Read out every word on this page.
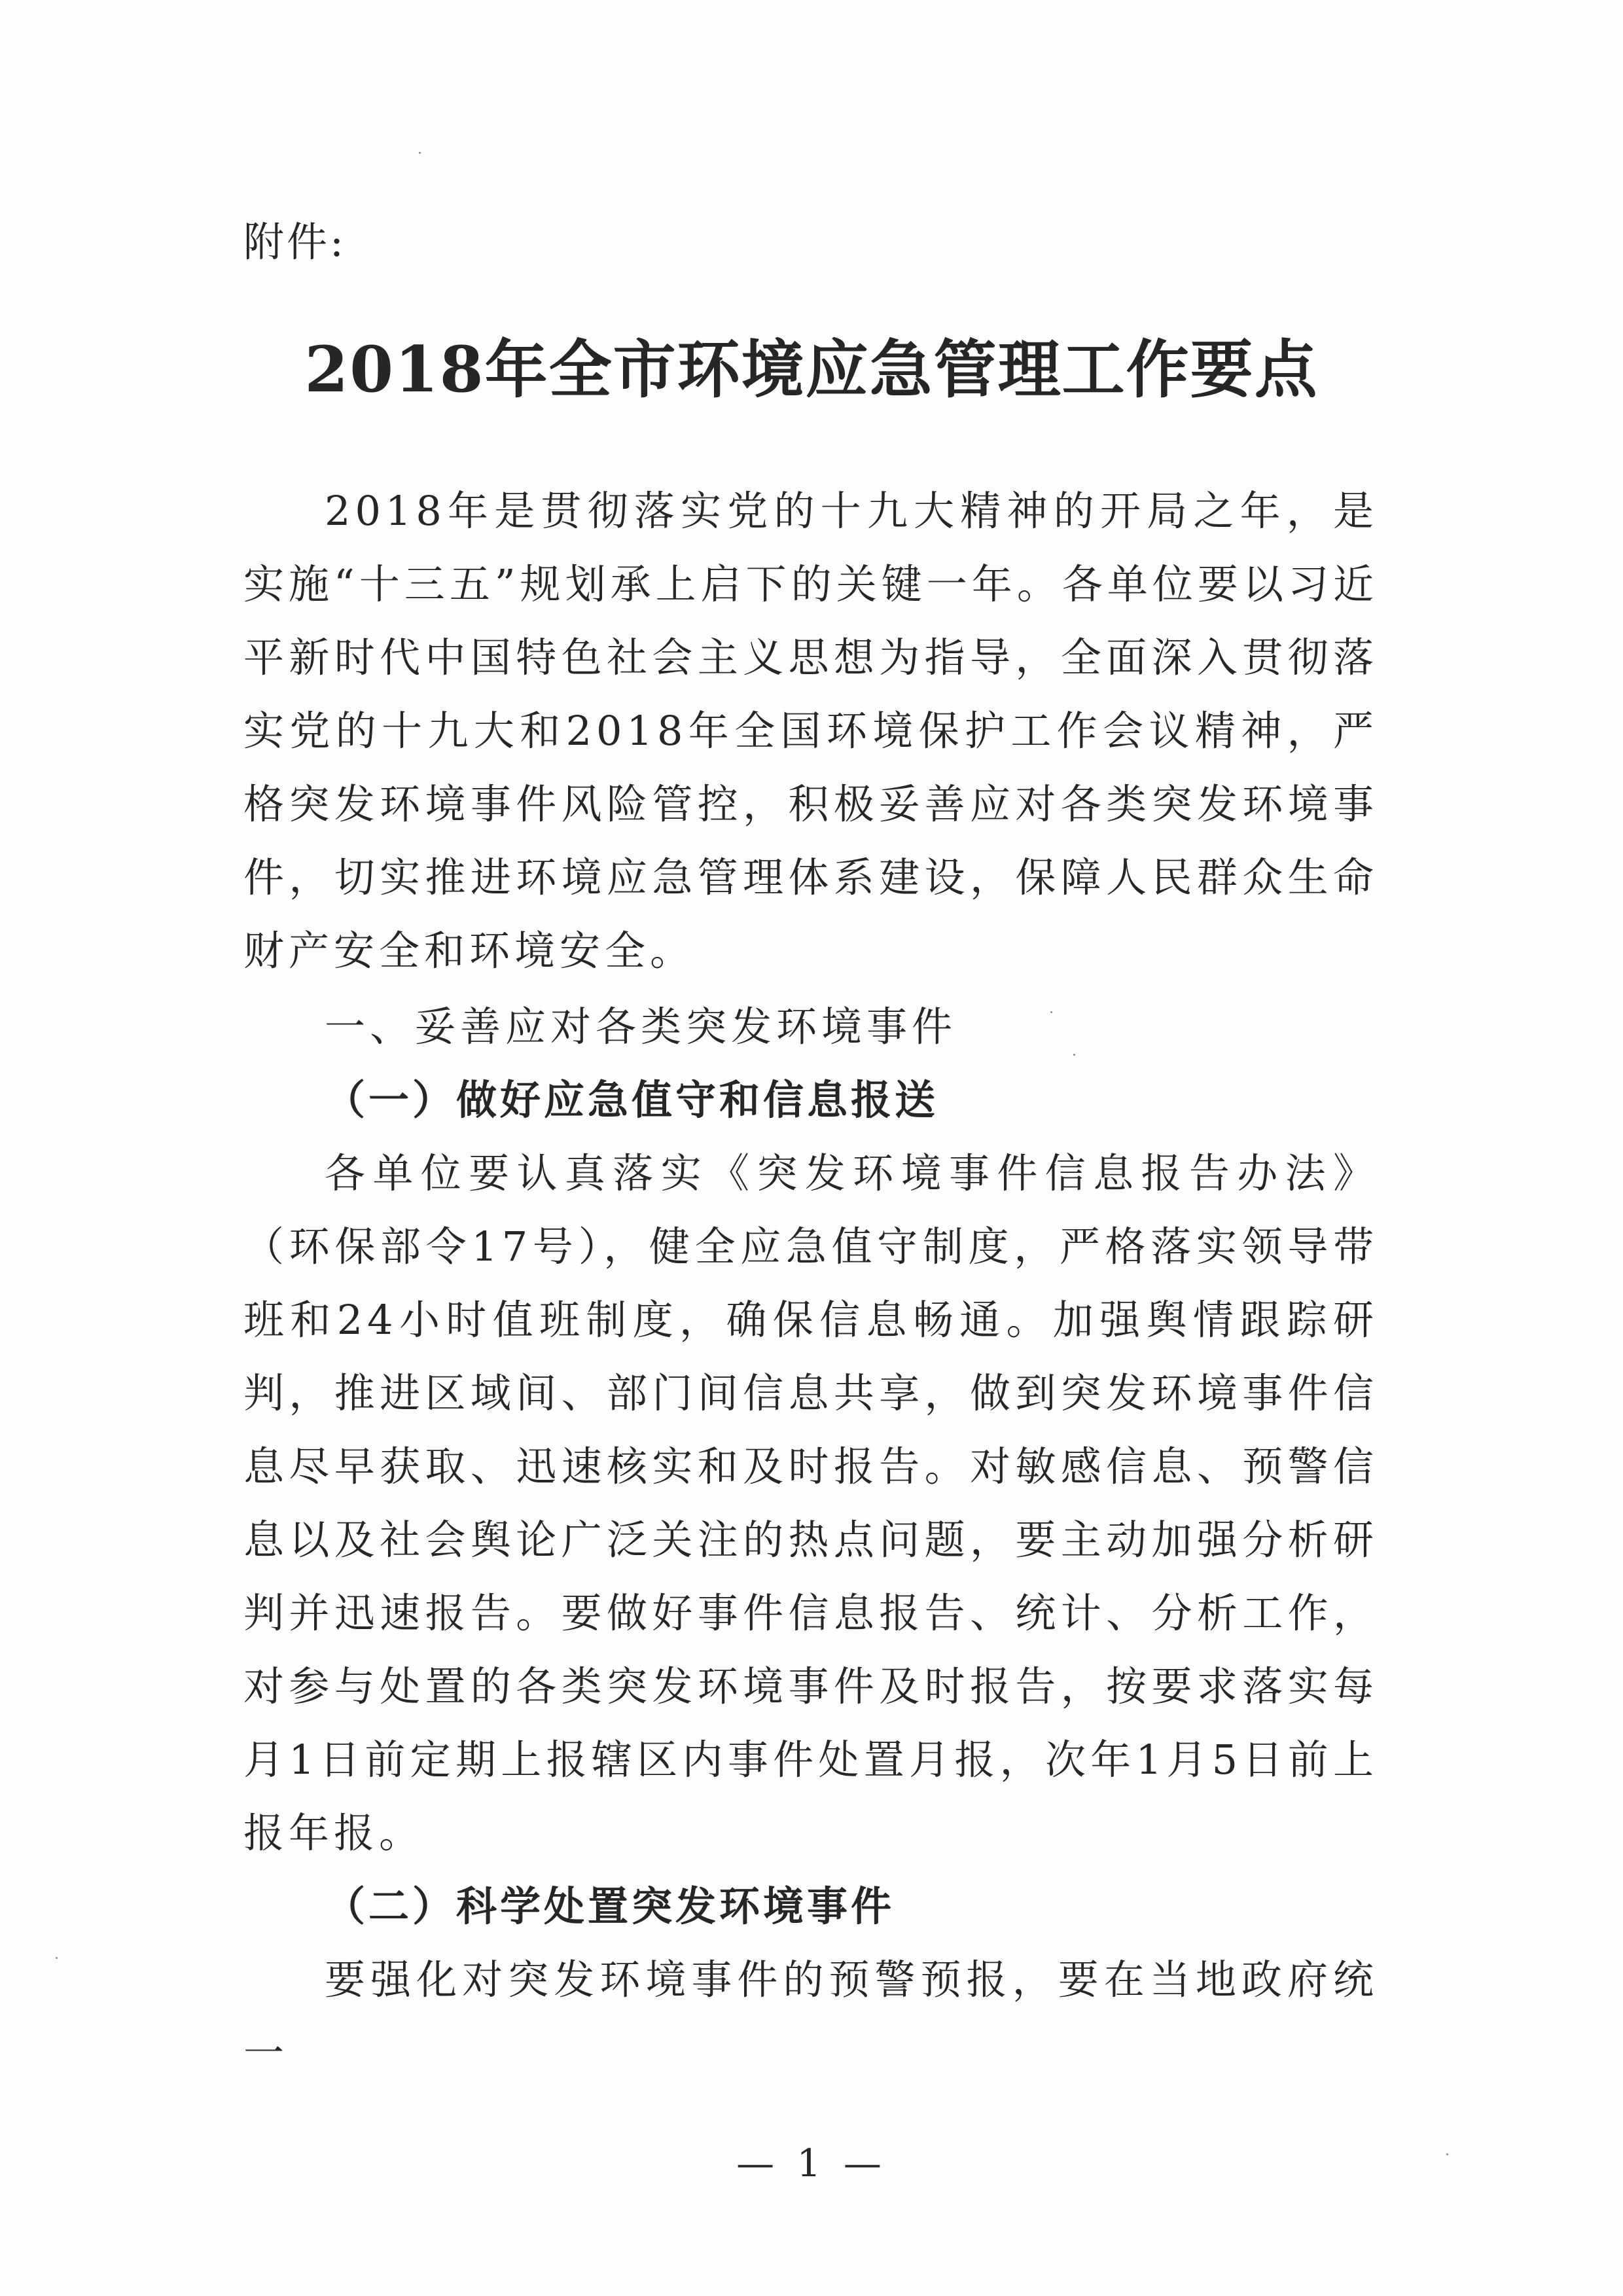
附件:
2018年全市环境应急管理工作要点

2018年是贯彻落实党的十九大精神的开局之年，是实施“十三五”规划承上启下的关键一年。各单位要以习近平新时代中国特色社会主义思想为指导，全面深入贯彻落实党的十九大和2018年全国环境保护工作会议精神，严格突发环境事件风险管控，积极妥善应对各类突发环境事件，切实推进环境应急管理体系建设，保障人民群众生命财产安全和环境安全。

一、妥善应对各类突发环境事件

（一）做好应急值守和信息报送

各单位要认真落实《突发环境事件信息报告办法》（环保部令17号），健全应急值守制度，严格落实领导带班和24小时值班制度，确保信息畅通。加强舆情跟踪研判，推进区域间、部门间信息共享，做到突发环境事件信息尽早获取、迅速核实和及时报告。对敏感信息、预警信息以及社会舆论广泛关注的热点问题，要主动加强分析研判并迅速报告。要做好事件信息报告、统计、分析工作，对参与处置的各类突发环境事件及时报告，按要求落实每月1日前定期上报辖区内事件处置月报，次年1月5日前上报年报。

（二）科学处置突发环境事件

要强化对突发环境事件的预警预报，要在当地政府统一

— 1 —
